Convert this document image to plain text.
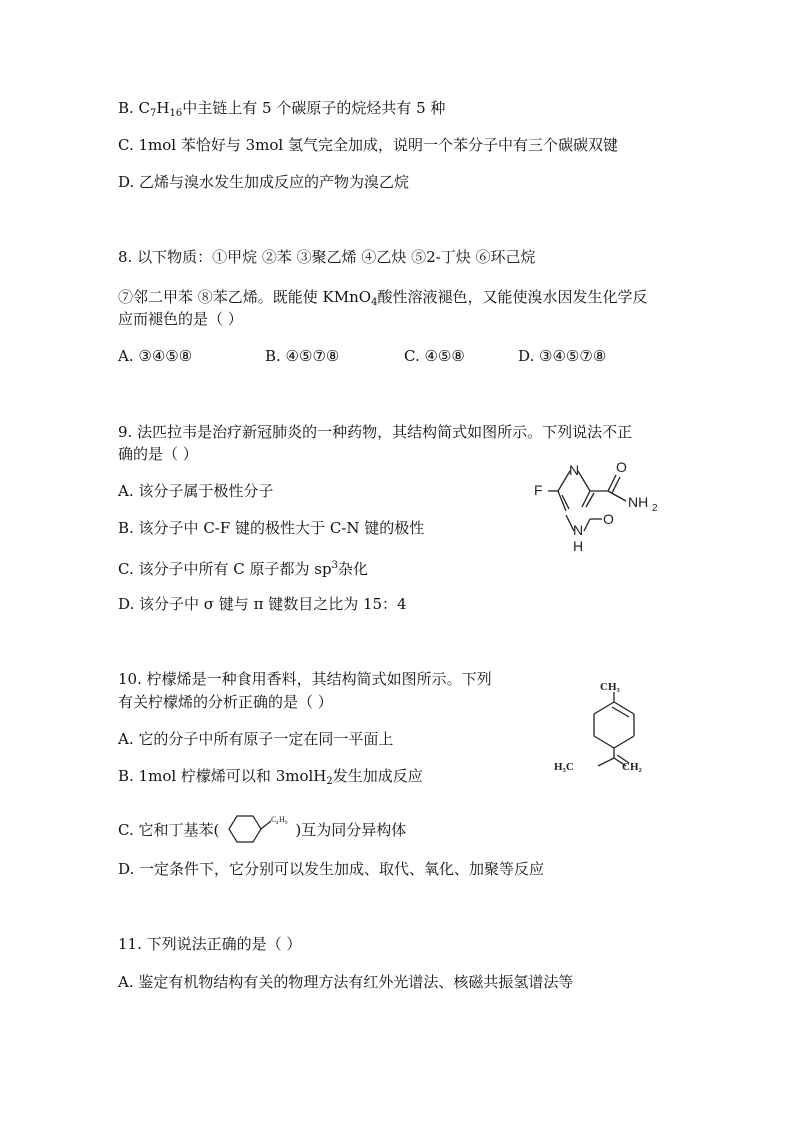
B. $C_7H_{16}$中主链上有 5 个碳原子的烷烃共有 5 种
C. 1mol 苯恰好与 3mol 氢气完全加成，说明一个苯分子中有三个碳碳双键
D. 乙烯与溴水发生加成反应的产物为溴乙烷
8. 以下物质：①甲烷 ②苯 ③聚乙烯 ④乙炔 ⑤2-丁炔 ⑥环己烷
⑦邻二甲苯 ⑧苯乙烯。既能使 KMnO$_4$酸性溶液褪色，又能使溴水因发生化学反
应而褪色的是（ ）
A. ③④⑤⑧	B. ④⑤⑦⑧	C. ④⑤⑧	D. ③④⑤⑦⑧
9. 法匹拉韦是治疗新冠肺炎的一种药物，其结构简式如图所示。下列说法不正
确的是（ ）
A. 该分子属于极性分子
B. 该分子中 C-F 键的极性大于 C-N 键的极性
C. 该分子中所有 C 原子都为 $sp^3$杂化
D. 该分子中 σ 键与 π 键数目之比为 15：4
F
N	O
NH 2
N
H
O
10. 柠檬烯是一种食用香料，其结构简式如图所示。下列
有关柠檬烯的分析正确的是（ ）
A. 它的分子中所有原子一定在同一平面上
B. 1mol 柠檬烯可以和 3molH$_2$发生加成反应
C. 它和丁基苯(
C 4 H 9 )互为同分异构体
D. 一定条件下，它分别可以发生加成、取代、氧化、加聚等反应
CH₃
H₃C	CH₂
11. 下列说法正确的是（ ）
A. 鉴定有机物结构有关的物理方法有红外光谱法、核磁共振氢谱法等
